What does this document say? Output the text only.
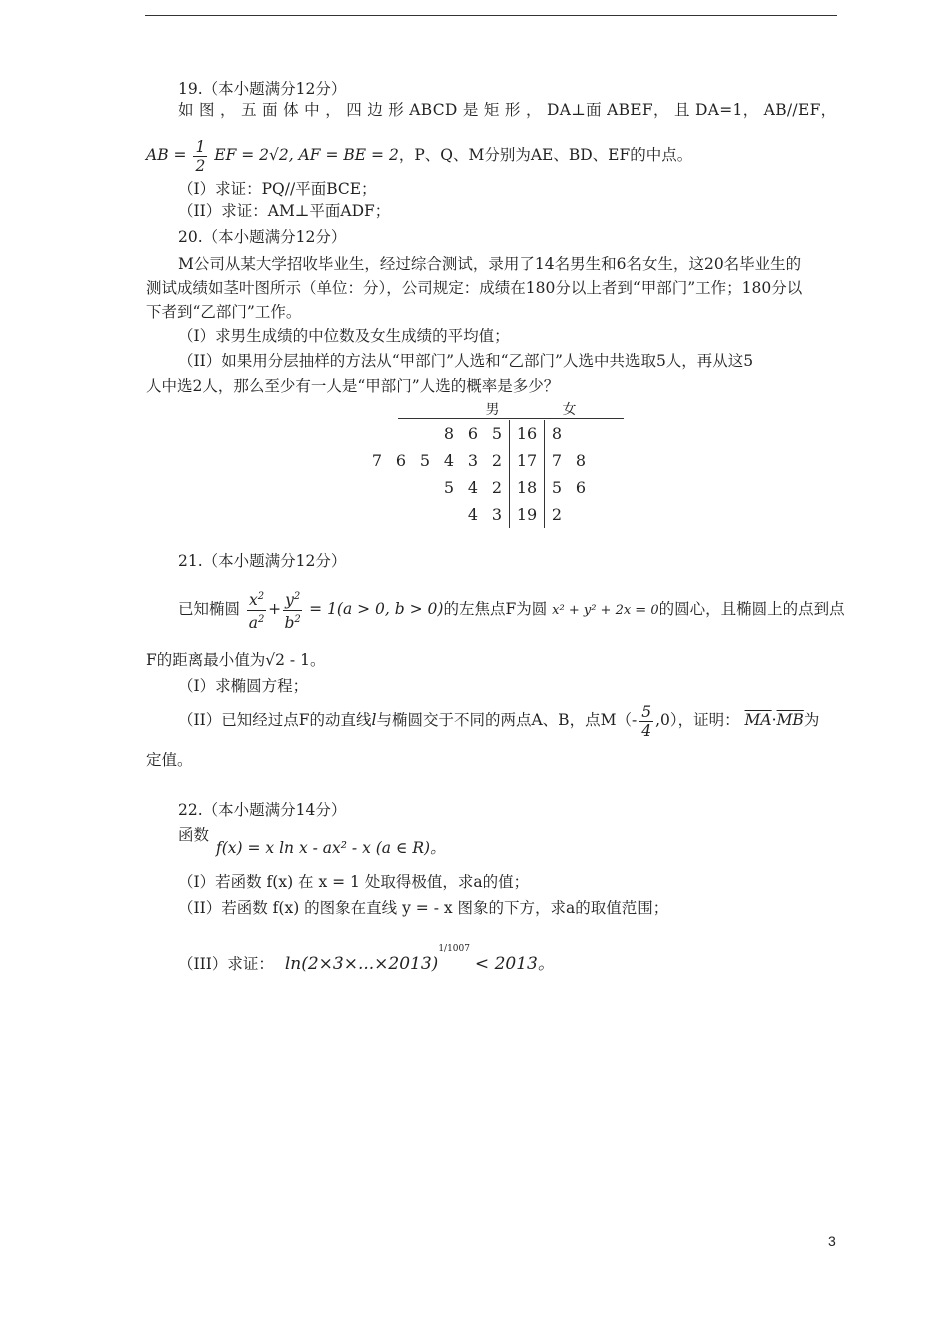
19.（本小题满分12分）
如 图 ， 五 面 体 中 ， 四 边 形 ABCD 是 矩 形 ， DA⊥面 ABEF， 且 DA=1， AB//EF，
AB = $\frac{1}{2}$ EF = 2√2, AF = BE = 2，P、Q、M分别为AE、BD、EF的中点。
（I）求证：PQ//平面BCE；
（II）求证：AM⊥平面ADF；
20.（本小题满分12分）
M公司从某大学招收毕业生，经过综合测试，录用了14名男生和6名女生，这20名毕业生的
测试成绩如茎叶图所示（单位：分），公司规定：成绩在180分以上者到“甲部门”工作；180分以
下者到“乙部门”工作。
（I）求男生成绩的中位数及女生成绩的平均值；
（II）如果用分层抽样的方法从“甲部门”人选和“乙部门”人选中共选取5人，再从这5
人中选2人，那么至少有一人是“甲部门”人选的概率是多少？
男							女	
			8	6	5	16	8	
7	6	5	4	3	2	17	7	8
			5	4	2	18	5	6
				4	3	19	2	
21.（本小题满分12分）
已知椭圆 $\frac{x^2}{a^2} + \frac{y^2}{b^2} = 1(a > 0$, b > 0)的左焦点F为圆 x² + y² + 2x = 0的圆心，且椭圆上的点到点
F的距离最小值为√2 - 1。
（I）求椭圆方程；
（II）已知经过点F的动直线l与椭圆交于不同的两点A、B，点$M(- \frac{5}{4} ,0)$，证明： $\overline{MA}\cdot\overline{MB}$为
定值。
22.（本小题满分14分）
函数
f(x) = x ln x - ax² - x (a ∈ R)。
（I）若函数 f(x) 在 x = 1 处取得极值，求a的值；
（II）若函数 f(x) 的图象在直线 y = - x 图象的下方，求a的取值范围；
（III）求证： $\ln(2\times 3\times...\times 2013)^{1/1007} < 2013$。
3
